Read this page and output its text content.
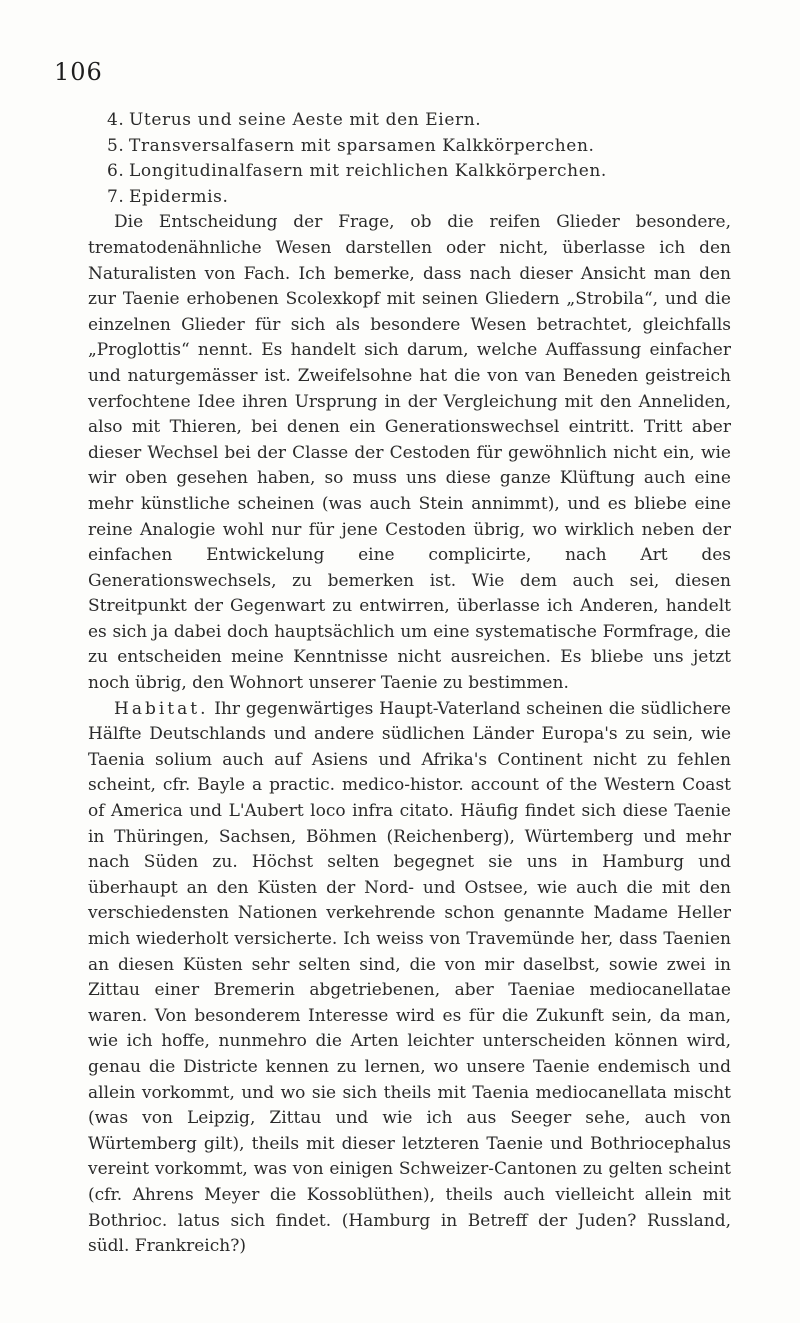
106
4. Uterus und seine Aeste mit den Eiern.
5. Transversalfasern mit sparsamen Kalkkörperchen.
6. Longitudinalfasern mit reichlichen Kalkkörperchen.
7. Epidermis.

Die Entscheidung der Frage, ob die reifen Glieder besondere, trematodenähnliche Wesen darstellen oder nicht, überlasse ich den Naturalisten von Fach. Ich bemerke, dass nach dieser Ansicht man den zur Taenie erhobenen Scolexkopf mit seinen Gliedern „Strobila“, und die einzelnen Glieder für sich als besondere Wesen betrachtet, gleichfalls „Proglottis“ nennt. Es handelt sich darum, welche Auffassung einfacher und naturgemässer ist. Zweifelsohne hat die von van Beneden geistreich verfochtene Idee ihren Ursprung in der Vergleichung mit den Anneliden, also mit Thieren, bei denen ein Generationswechsel eintritt. Tritt aber dieser Wechsel bei der Classe der Cestoden für gewöhnlich nicht ein, wie wir oben gesehen haben, so muss uns diese ganze Klüftung auch eine mehr künstliche scheinen (was auch Stein annimmt), und es bliebe eine reine Analogie wohl nur für jene Cestoden übrig, wo wirklich neben der einfachen Entwickelung eine complicirte, nach Art des Generationswechsels, zu bemerken ist. Wie dem auch sei, diesen Streitpunkt der Gegenwart zu entwirren, überlasse ich Anderen, handelt es sich ja dabei doch hauptsächlich um eine systematische Formfrage, die zu entscheiden meine Kenntnisse nicht ausreichen. Es bliebe uns jetzt noch übrig, den Wohnort unserer Taenie zu bestimmen.

Habitat. Ihr gegenwärtiges Haupt-Vaterland scheinen die südlichere Hälfte Deutschlands und andere südlichen Länder Europa's zu sein, wie Taenia solium auch auf Asiens und Afrika's Continent nicht zu fehlen scheint, cfr. Bayle a practic. medico-histor. account of the Western Coast of America und L'Aubert loco infra citato. Häufig findet sich diese Taenie in Thüringen, Sachsen, Böhmen (Reichenberg), Würtemberg und mehr nach Süden zu. Höchst selten begegnet sie uns in Hamburg und überhaupt an den Küsten der Nord- und Ostsee, wie auch die mit den verschiedensten Nationen verkehrende schon genannte Madame Heller mich wiederholt versicherte. Ich weiss von Travemünde her, dass Taenien an diesen Küsten sehr selten sind, die von mir daselbst, sowie zwei in Zittau einer Bremerin abgetriebenen, aber Taeniae mediocanellatae waren. Von besonderem Interesse wird es für die Zukunft sein, da man, wie ich hoffe, nunmehro die Arten leichter unterscheiden können wird, genau die Districte kennen zu lernen, wo unsere Taenie endemisch und allein vorkommt, und wo sie sich theils mit Taenia mediocanellata mischt (was von Leipzig, Zittau und wie ich aus Seeger sehe, auch von Würtemberg gilt), theils mit dieser letzteren Taenie und Bothriocephalus vereint vorkommt, was von einigen Schweizer-Cantonen zu gelten scheint (cfr. Ahrens Meyer die Kossoblüthen), theils auch vielleicht allein mit Bothrioc. latus sich findet. (Hamburg in Betreff der Juden? Russland, südl. Frankreich?)
